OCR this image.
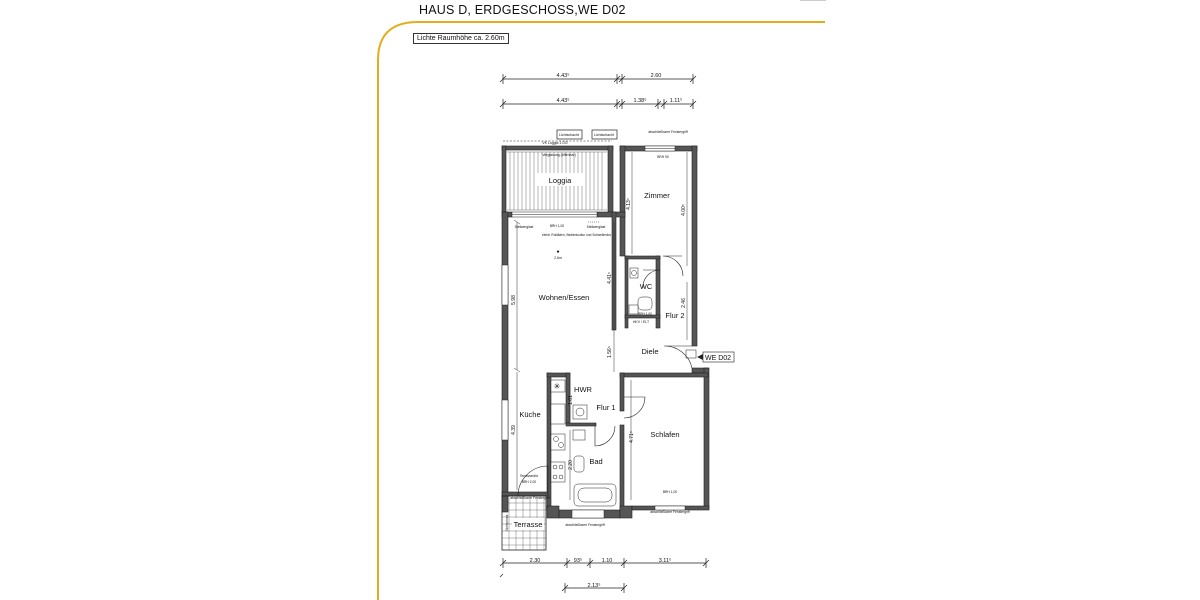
HAUS D, ERDGESCHOSS,WE D02
Lichte Raumhöhe ca. 2.60m
4.43⁵	2.60
4.43⁵	1.38⁵	1.11⁵
Lichtschacht	Lichtschacht
VK Loggia 1.OG
abschließbarer Fenstergriff
BRH 90
Verglasung (öffenbar)
✳
Loggia
Zimmer
WC
Flur 2
Wohnen/Essen
Diele
HWR
Flur 1
Küche
Schlafen
Bad
Terrasse
WE D02
4.13⁵
4.00⁵
5.98
4.41⁵
2.46
1.56⁵
4.39
1.61
2.20
4.71⁵
Stellwerglast	Stellwerglast
BRH 1,00
elektr. Rollläden, Bedienkontur und Schwellenlos
●
2,6m
BRH 1,00
HKV / ELT
Terrassentür
BRH 2,00
abschließbarer Fenstergriff
abschließbarer Fenstergriff
abschließbarer Fenstergriff
BRH 1,00
Sichtschutz
2.30	93⁵	1.10	3.11⁵
2.13⁵
